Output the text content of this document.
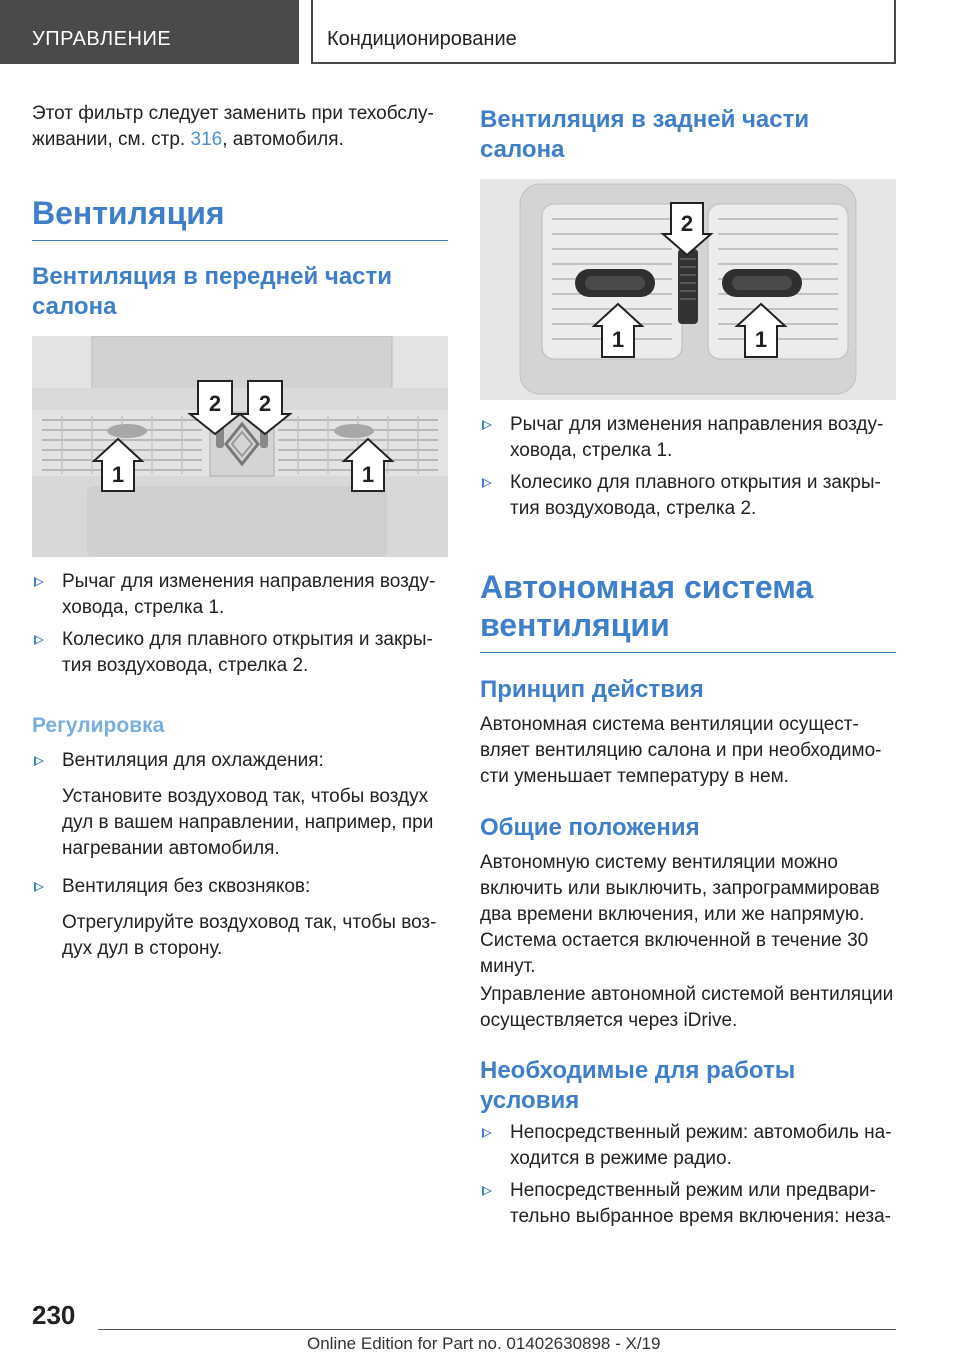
УПРАВЛЕНИЕ	Кондиционирование

Этот фильтр следует заменить при техобслу-
живании, см. стр. 316, автомобиля.

Вентиляция
Вентиляция в передней части салона
2 2
1	1
Рычаг для изменения направления возду-ховода, стрелка 1.
Колесико для плавного открытия и закры-тия воздуховода, стрелка 2.
Регулировка
Вентиляция для охлаждения:
Установите воздуховод так, чтобы воздух дул в вашем направлении, например, при нагревании автомобиля.
Вентиляция без сквозняков:
Отрегулируйте воздуховод так, чтобы воз-дух дул в сторону.
Вентиляция в задней части салона
2
1	1
Рычаг для изменения направления возду-ховода, стрелка 1.
Колесико для плавного открытия и закры-тия воздуховода, стрелка 2.
Автономная система вентиляции
Принцип действия

Автономная система вентиляции осущест-вляет вентиляцию салона и при необходимо-сти уменьшает температуру в нем.

Общие положения

Автономную систему вентиляции можно включить или выключить, запрограммировав два времени включения, или же напрямую. Система остается включенной в течение 30 минут.

Управление автономной системой вентиляции осуществляется через iDrive.

Необходимые для работы условия
Непосредственный режим: автомобиль на-ходится в режиме радио.
Непосредственный режим или предвари-тельно выбранное время включения: неза-
230
Online Edition for Part no. 01402630898 - X/19
